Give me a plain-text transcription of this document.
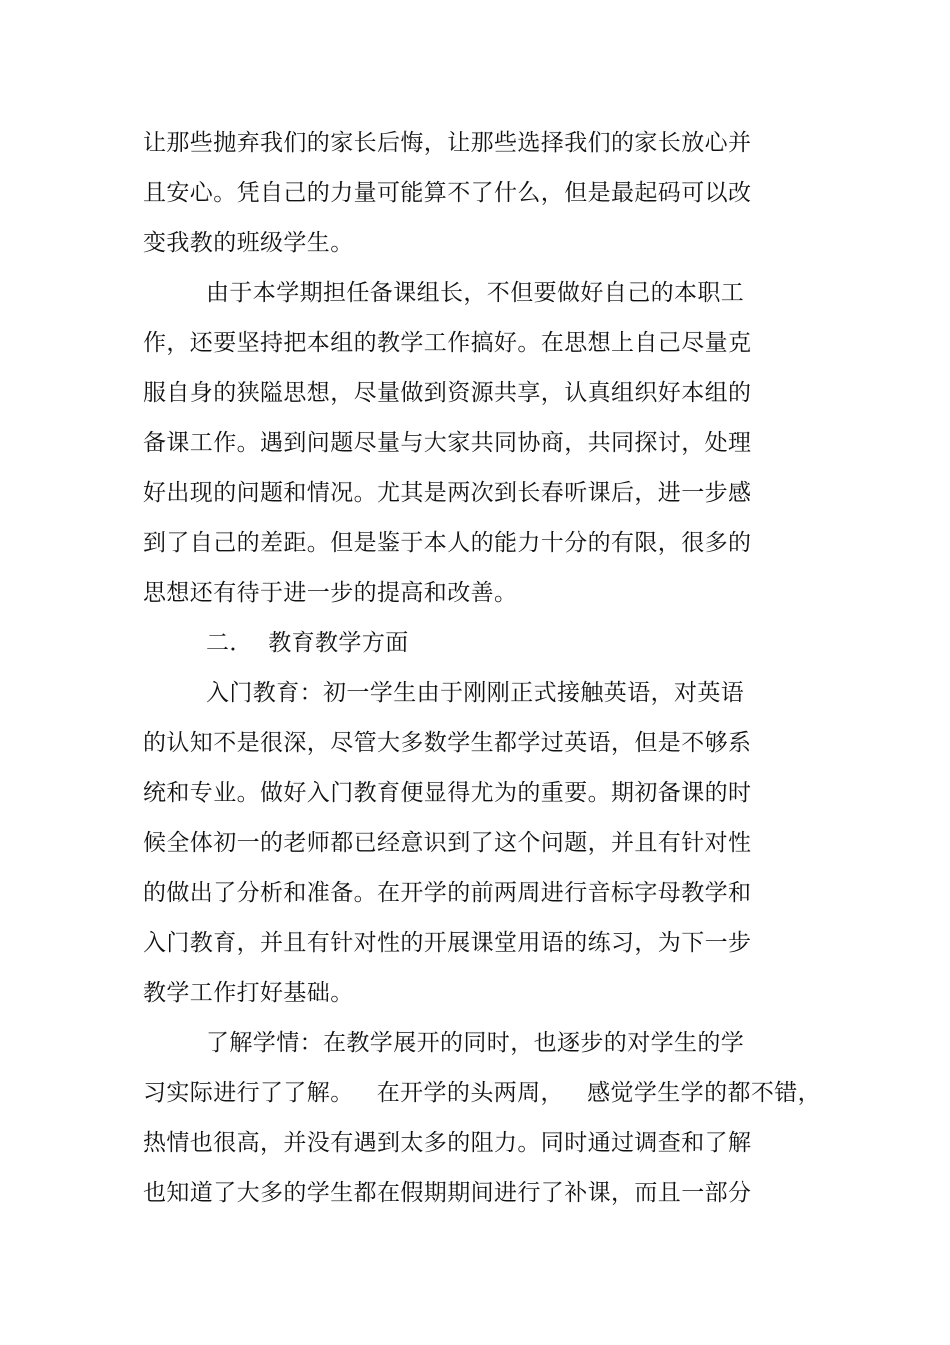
让那些抛弃我们的家长后悔，让那些选择我们的家长放心并
且安心。凭自己的力量可能算不了什么，但是最起码可以改
变我教的班级学生。
由于本学期担任备课组长，不但要做好自己的本职工
作，还要坚持把本组的教学工作搞好。在思想上自己尽量克
服自身的狭隘思想，尽量做到资源共享，认真组织好本组的
备课工作。遇到问题尽量与大家共同协商，共同探讨，处理
好出现的问题和情况。尤其是两次到长春听课后，进一步感
到了自己的差距。但是鉴于本人的能力十分的有限，很多的
思想还有待于进一步的提高和改善。
二．  教育教学方面
入门教育：初一学生由于刚刚正式接触英语，对英语
的认知不是很深，尽管大多数学生都学过英语，但是不够系
统和专业。做好入门教育便显得尤为的重要。期初备课的时
候全体初一的老师都已经意识到了这个问题，并且有针对性
的做出了分析和准备。在开学的前两周进行音标字母教学和
入门教育，并且有针对性的开展课堂用语的练习，为下一步
教学工作打好基础。
了解学情：在教学展开的同时，也逐步的对学生的学
习实际进行了了解。   在开学的头两周，   感觉学生学的都不错，
热情也很高，并没有遇到太多的阻力。同时通过调查和了解
也知道了大多的学生都在假期期间进行了补课，而且一部分
